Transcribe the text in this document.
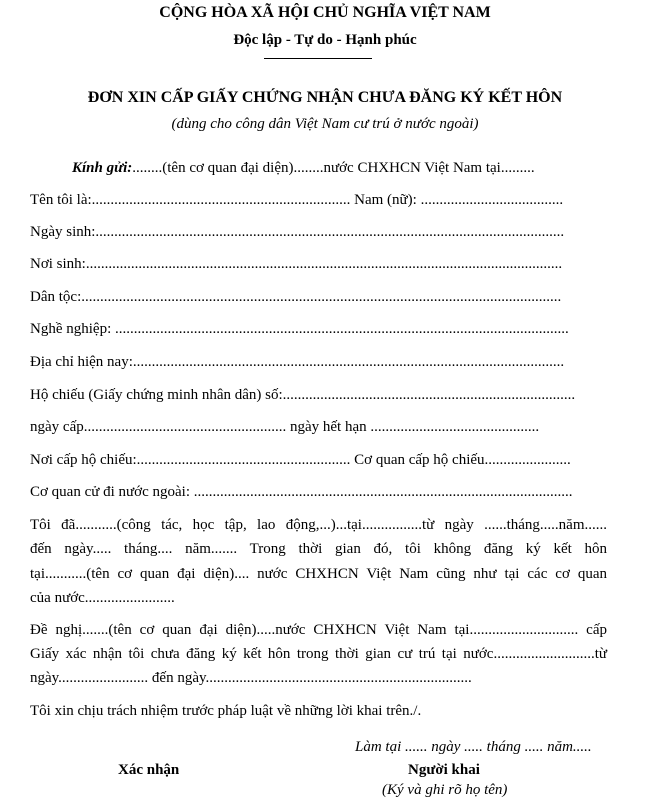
CỘNG HÒA XÃ HỘI CHỦ NGHĨA VIỆT NAM
Độc lập - Tự do - Hạnh phúc
ĐƠN XIN CẤP GIẤY CHỨNG NHẬN CHƯA ĐĂNG KÝ KẾT HÔN
(dùng cho công dân Việt Nam cư trú ở nước ngoài)
Kính gửi:........(tên cơ quan đại diện)........nước CHXHCN Việt Nam tại.........
Tên tôi là:..................................................................... Nam (nữ): ......................................
Ngày sinh:.............................................................................................................................
Nơi sinh:...............................................................................................................................
Dân tộc:................................................................................................................................
Nghề nghiệp: .........................................................................................................................
Địa chỉ hiện nay:...................................................................................................................
Hộ chiếu (Giấy chứng minh nhân dân) số:..............................................................................
ngày cấp...................................................... ngày hết hạn .............................................
Nơi cấp hộ chiếu:......................................................... Cơ quan cấp hộ chiếu.......................
Cơ quan cử đi nước ngoài: .....................................................................................................
Tôi đã...........(công tác, học tập, lao động,...)...tại................từ ngày ......tháng.....năm......
đến ngày..... tháng.... năm....... Trong thời gian đó, tôi không đăng ký kết hôn
tại...........(tên cơ quan đại diện).... nước CHXHCN Việt Nam cũng như tại các cơ quan
của nước........................
Đề nghị.......(tên cơ quan đại diện).....nước CHXHCN Việt Nam tại............................. cấp
Giấy xác nhận tôi chưa đăng ký kết hôn trong thời gian cư trú tại nước...........................từ
ngày........................ đến ngày.......................................................................
Tôi xin chịu trách nhiệm trước pháp luật về những lời khai trên./.
Làm tại ...... ngày ..... tháng ..... năm.....
Xác nhận	Người khai
(Ký và ghi rõ họ tên)
